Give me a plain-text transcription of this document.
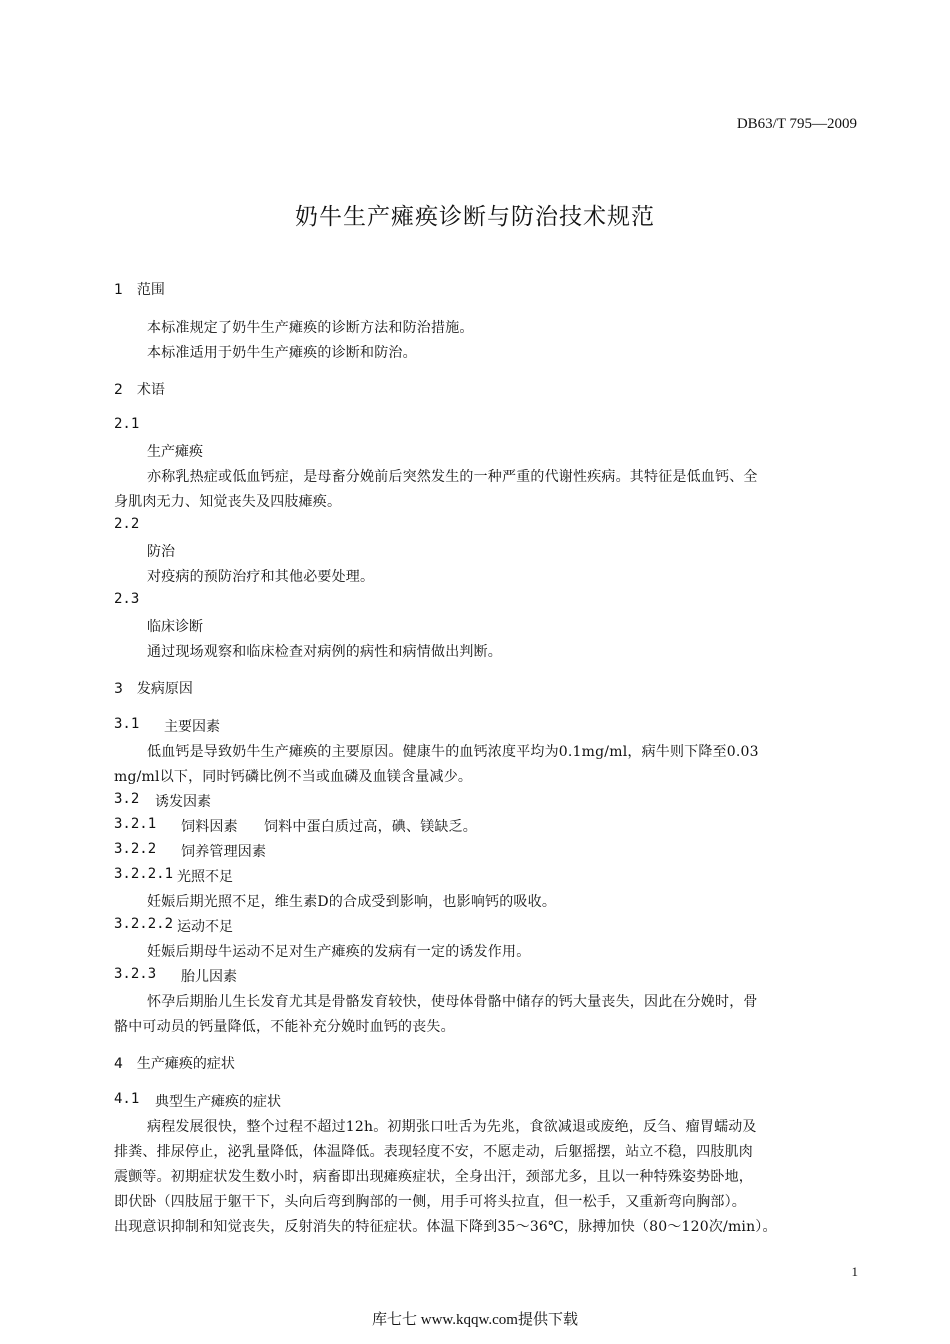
DB63/T 795—2009
奶牛生产瘫痪诊断与防治技术规范
1　范围
本标准规定了奶牛生产瘫痪的诊断方法和防治措施。
本标准适用于奶牛生产瘫痪的诊断和防治。
2　术语
2.1
生产瘫痪
亦称乳热症或低血钙症，是母畜分娩前后突然发生的一种严重的代谢性疾病。其特征是低血钙、全
身肌肉无力、知觉丧失及四肢瘫痪。
2.2
防治
对疫病的预防治疗和其他必要处理。
2.3
临床诊断
通过现场观察和临床检查对病例的病性和病情做出判断。
3　发病原因
3.1 主要因素
低血钙是导致奶牛生产瘫痪的主要原因。健康牛的血钙浓度平均为0.1mg/ml，病牛则下降至0.03
mg/ml以下，同时钙磷比例不当或血磷及血镁含量减少。
3.2 诱发因素
3.2.1 饲料因素 饲料中蛋白质过高，碘、镁缺乏。
3.2.2 饲养管理因素
3.2.2.1 光照不足
妊娠后期光照不足，维生素D的合成受到影响，也影响钙的吸收。
3.2.2.2 运动不足
妊娠后期母牛运动不足对生产瘫痪的发病有一定的诱发作用。
3.2.3 胎儿因素
怀孕后期胎儿生长发育尤其是骨骼发育较快，使母体骨骼中储存的钙大量丧失，因此在分娩时，骨
骼中可动员的钙量降低，不能补充分娩时血钙的丧失。
4　生产瘫痪的症状
4.1 典型生产瘫痪的症状
病程发展很快，整个过程不超过12h。初期张口吐舌为先兆，食欲减退或废绝，反刍、瘤胃蠕动及
排粪、排尿停止，泌乳量降低，体温降低。表现轻度不安，不愿走动，后躯摇摆，站立不稳，四肢肌肉
震颤等。初期症状发生数小时，病畜即出现瘫痪症状，全身出汗，颈部尤多，且以一种特殊姿势卧地，
即伏卧（四肢屈于躯干下，头向后弯到胸部的一侧，用手可将头拉直，但一松手，又重新弯向胸部）。
出现意识抑制和知觉丧失，反射消失的特征症状。体温下降到35～36℃，脉搏加快（80～120次/min）。
1
库七七 www.kqqw.com提供下载
